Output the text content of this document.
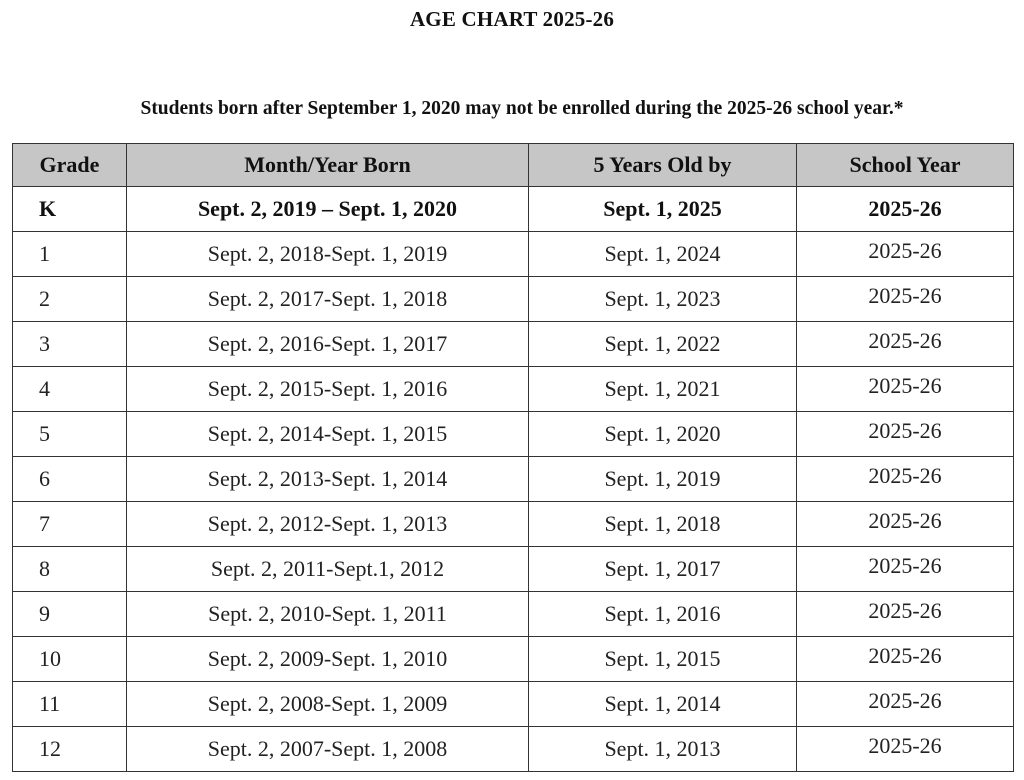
AGE CHART 2025-26
Students born after September 1, 2020 may not be enrolled during the 2025-26 school year.*
Grade	Month/Year Born	5 Years Old by	School Year
K	Sept. 2, 2019 – Sept. 1, 2020	Sept. 1, 2025	2025-26
1	Sept. 2, 2018-Sept. 1, 2019	Sept. 1, 2024	2025-26
2	Sept. 2, 2017-Sept. 1, 2018	Sept. 1, 2023	2025-26
3	Sept. 2, 2016-Sept. 1, 2017	Sept. 1, 2022	2025-26
4	Sept. 2, 2015-Sept. 1, 2016	Sept. 1, 2021	2025-26
5	Sept. 2, 2014-Sept. 1, 2015	Sept. 1, 2020	2025-26
6	Sept. 2, 2013-Sept. 1, 2014	Sept. 1, 2019	2025-26
7	Sept. 2, 2012-Sept. 1, 2013	Sept. 1, 2018	2025-26
8	Sept. 2, 2011-Sept.1, 2012	Sept. 1, 2017	2025-26
9	Sept. 2, 2010-Sept. 1, 2011	Sept. 1, 2016	2025-26
10	Sept. 2, 2009-Sept. 1, 2010	Sept. 1, 2015	2025-26
11	Sept. 2, 2008-Sept. 1, 2009	Sept. 1, 2014	2025-26
12	Sept. 2, 2007-Sept. 1, 2008	Sept. 1, 2013	2025-26
